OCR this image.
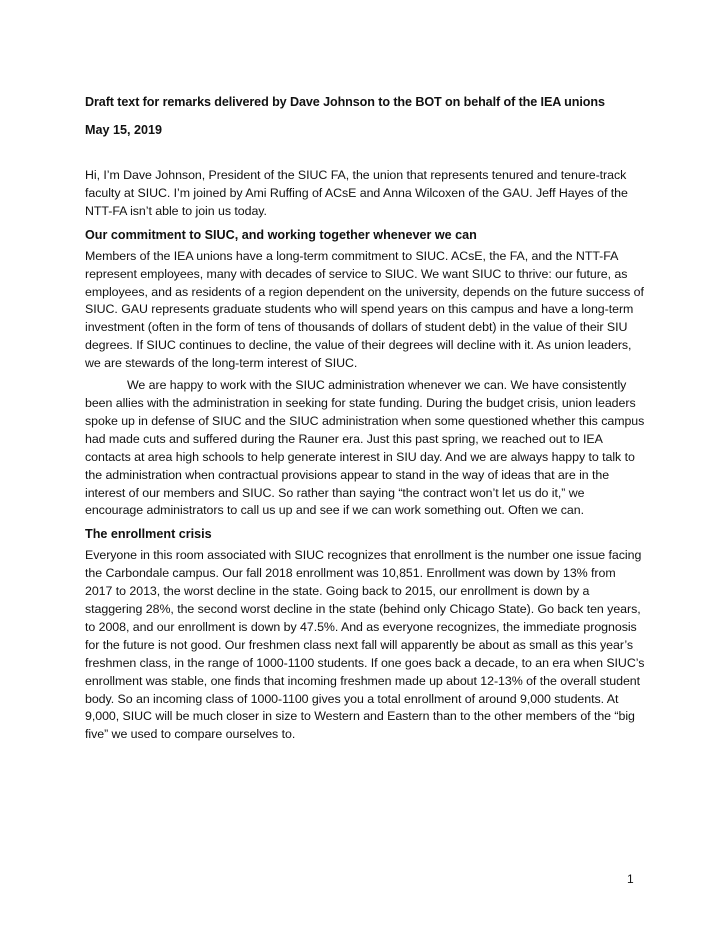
Draft text for remarks delivered by Dave Johnson to the BOT on behalf of the IEA unions

May 15, 2019

Hi, I’m Dave Johnson, President of the SIUC FA, the union that represents tenured and tenure-track faculty at SIUC. I’m joined by Ami Ruffing of ACsE and Anna Wilcoxen of the GAU. Jeff Hayes of the NTT-FA isn’t able to join us today.

Our commitment to SIUC, and working together whenever we can

Members of the IEA unions have a long-term commitment to SIUC. ACsE, the FA, and the NTT-FA represent employees, many with decades of service to SIUC. We want SIUC to thrive: our future, as employees, and as residents of a region dependent on the university, depends on the future success of SIUC. GAU represents graduate students who will spend years on this campus and have a long-term investment (often in the form of tens of thousands of dollars of student debt) in the value of their SIU degrees. If SIUC continues to decline, the value of their degrees will decline with it. As union leaders, we are stewards of the long-term interest of SIUC.

We are happy to work with the SIUC administration whenever we can. We have consistently been allies with the administration in seeking for state funding. During the budget crisis, union leaders spoke up in defense of SIUC and the SIUC administration when some questioned whether this campus had made cuts and suffered during the Rauner era. Just this past spring, we reached out to IEA contacts at area high schools to help generate interest in SIU day. And we are always happy to talk to the administration when contractual provisions appear to stand in the way of ideas that are in the interest of our members and SIUC. So rather than saying “the contract won’t let us do it,” we encourage administrators to call us up and see if we can work something out. Often we can.

The enrollment crisis

Everyone in this room associated with SIUC recognizes that enrollment is the number one issue facing the Carbondale campus. Our fall 2018 enrollment was 10,851. Enrollment was down by 13% from 2017 to 2013, the worst decline in the state. Going back to 2015, our enrollment is down by a staggering 28%, the second worst decline in the state (behind only Chicago State). Go back ten years, to 2008, and our enrollment is down by 47.5%. And as everyone recognizes, the immediate prognosis for the future is not good. Our freshmen class next fall will apparently be about as small as this year’s freshmen class, in the range of 1000-1100 students. If one goes back a decade, to an era when SIUC’s enrollment was stable, one finds that incoming freshmen made up about 12-13% of the overall student body. So an incoming class of 1000-1100 gives you a total enrollment of around 9,000 students. At 9,000, SIUC will be much closer in size to Western and Eastern than to the other members of the “big five” we used to compare ourselves to.

1
